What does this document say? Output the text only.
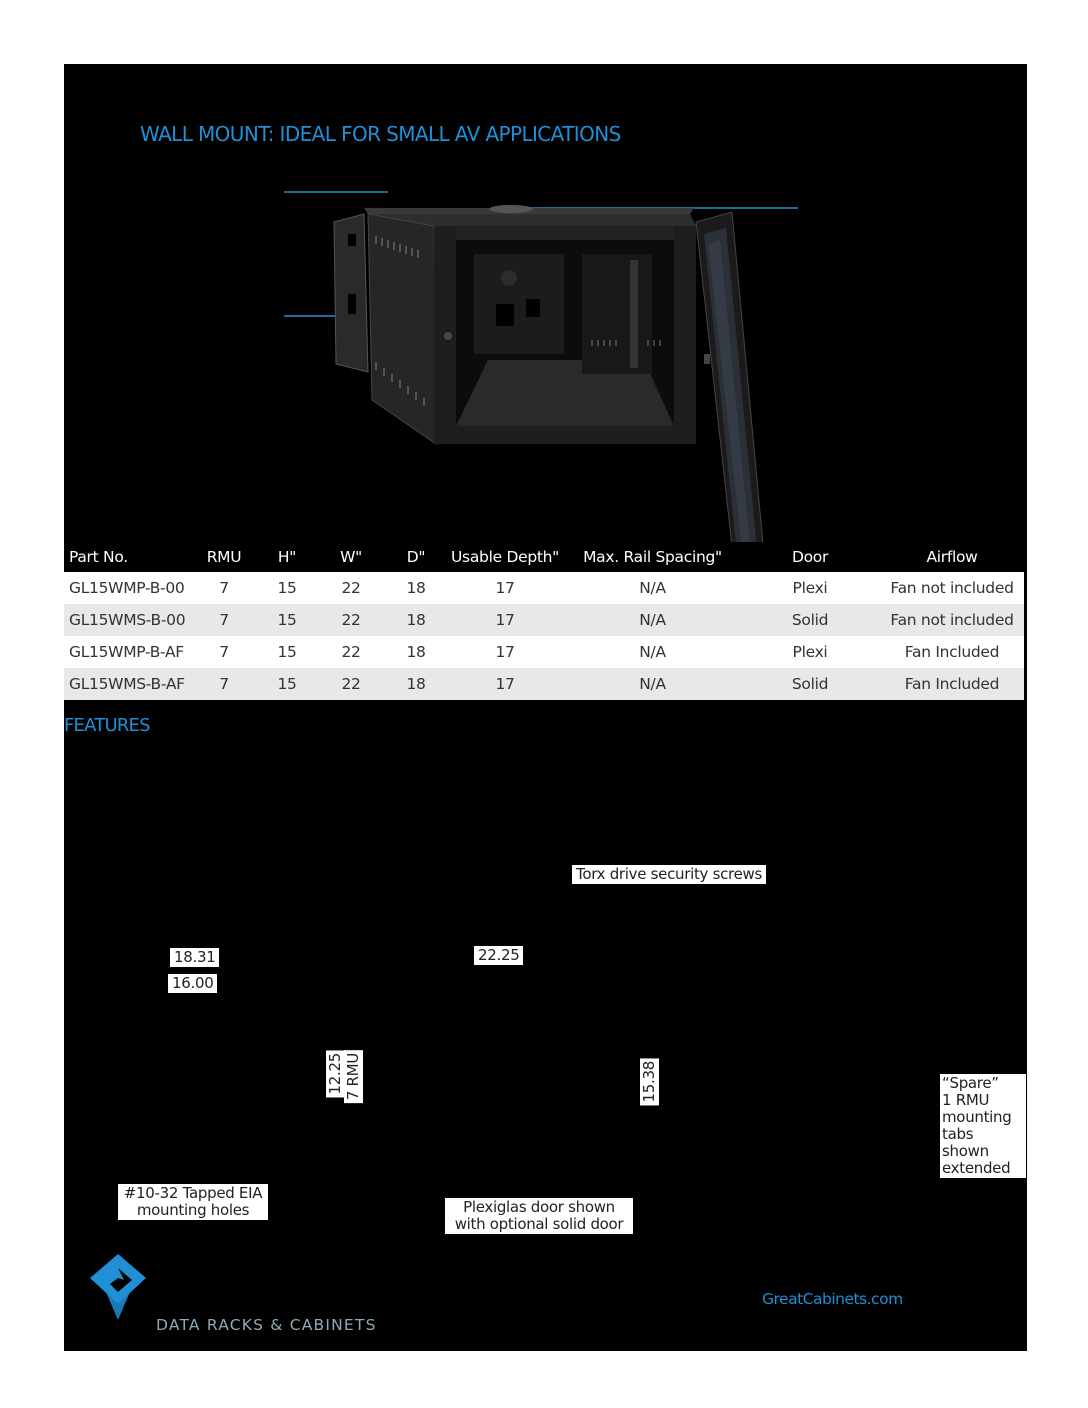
WALL MOUNT: IDEAL FOR SMALL AV APPLICATIONS
Part No.	RMU	H"	W"	D"	Usable Depth"	Max. Rail Spacing"	Door	Airflow
GL15WMP-B-00	7	15	22	18	17	N/A	Plexi	Fan not included
GL15WMS-B-00	7	15	22	18	17	N/A	Solid	Fan not included
GL15WMP-B-AF	7	15	22	18	17	N/A	Plexi	Fan Included
GL15WMS-B-AF	7	15	22	18	17	N/A	Solid	Fan Included
FEATURES
Torx drive security screws
18.31
16.00
22.25
12.25 7 RMU	15.38	“Spare”
1 RMU
mounting
tabs
shown
extended
#10-32 Tapped EIA
mounting holes	Plexiglas door shown
with optional solid door
DATA RACKS & CABINETS
GreatCabinets.com
